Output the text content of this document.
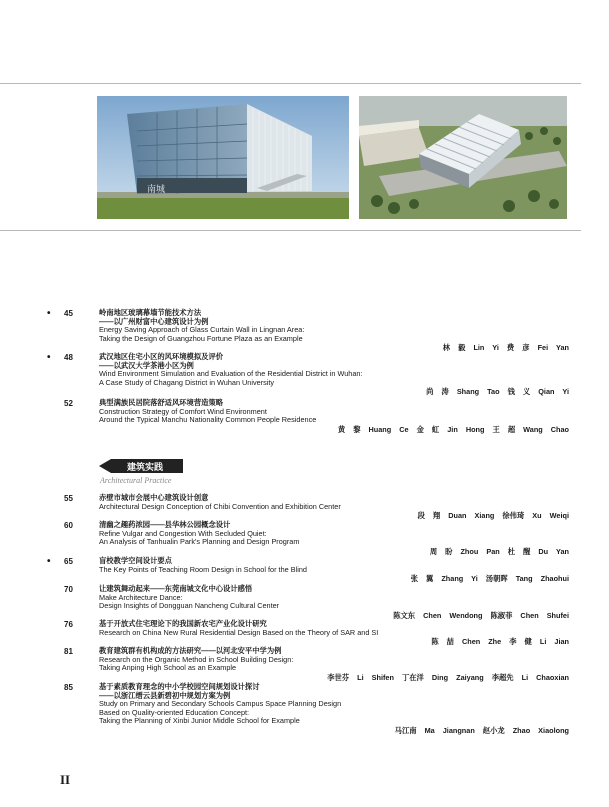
南城
• 45	岭南地区玻璃幕墙节能技术方法
——以广州财富中心建筑设计为例
Energy Saving Approach of Glass Curtain Wall in Lingnan Area:
Taking the Design of Guangzhou Fortune Plaza as an Example
林 毅 Lin Yi 费 彦 Fei Yan
• 48	武汉地区住宅小区的风环境模拟及评价
——以武汉大学茶港小区为例
Wind Environment Simulation and Evaluation of the Residential District in Wuhan:
A Case Study of Chagang District in Wuhan University
尚 涛 Shang Tao 钱 义 Qian Yi
52	典型满族民居院落舒适风环境营造策略
Construction Strategy of Comfort Wind Environment
Around the Typical Manchu Nationality Common People Residence
黄 黎 Huang Ce 金 虹 Jin Hong 王 超 Wang Chao
55	赤壁市城市会展中心建筑设计创意
Architectural Design Conception of Chibi Convention and Exhibition Center
段 翔 Duan Xiang 徐伟琦 Xu Weiqi
60	清幽之趣药浓园——县华林公园概念设计
Refine Vulgar and Congestion With Secluded Quiet:
An Analysis of Tanhualin Park's Planning and Design Program
周 盼 Zhou Pan 杜 醒 Du Yan
• 65	盲校教学空间设计要点
The Key Points of Teaching Room Design in School for the Blind
张 翼 Zhang Yi 汤朝晖 Tang Zhaohui
70	让建筑舞动起来——东莞南城文化中心设计感悟
Make Architecture Dance:
Design Insights of Dongguan Nancheng Cultural Center
陈文东 Chen Wendong 陈淑菲 Chen Shufei
76	基于开放式住宅理论下的我国新农宅产业化设计研究
Research on China New Rural Residential Design Based on the Theory of SAR and SI
陈 喆 Chen Zhe 李 健 Li Jian
81	教育建筑群有机构成的方法研究——以河北安平中学为例
Research on the Organic Method in School Building Design:
Taking Anping High School as an Example
李世芬 Li Shifen 丁在洋 Ding Zaiyang 李超先 Li Chaoxian
85	基于素质教育理念的中小学校园空间规划设计探讨
——以浙江缙云县新碧初中规划方案为例
Study on Primary and Secondary Schools Campus Space Planning Design
Based on Quality-oriented Education Concept:
Taking the Planning of Xinbi Junior Middle School for Example
马江南 Ma Jiangnan 赵小龙 Zhao Xiaolong
建筑实践
Architectural Practice
II
